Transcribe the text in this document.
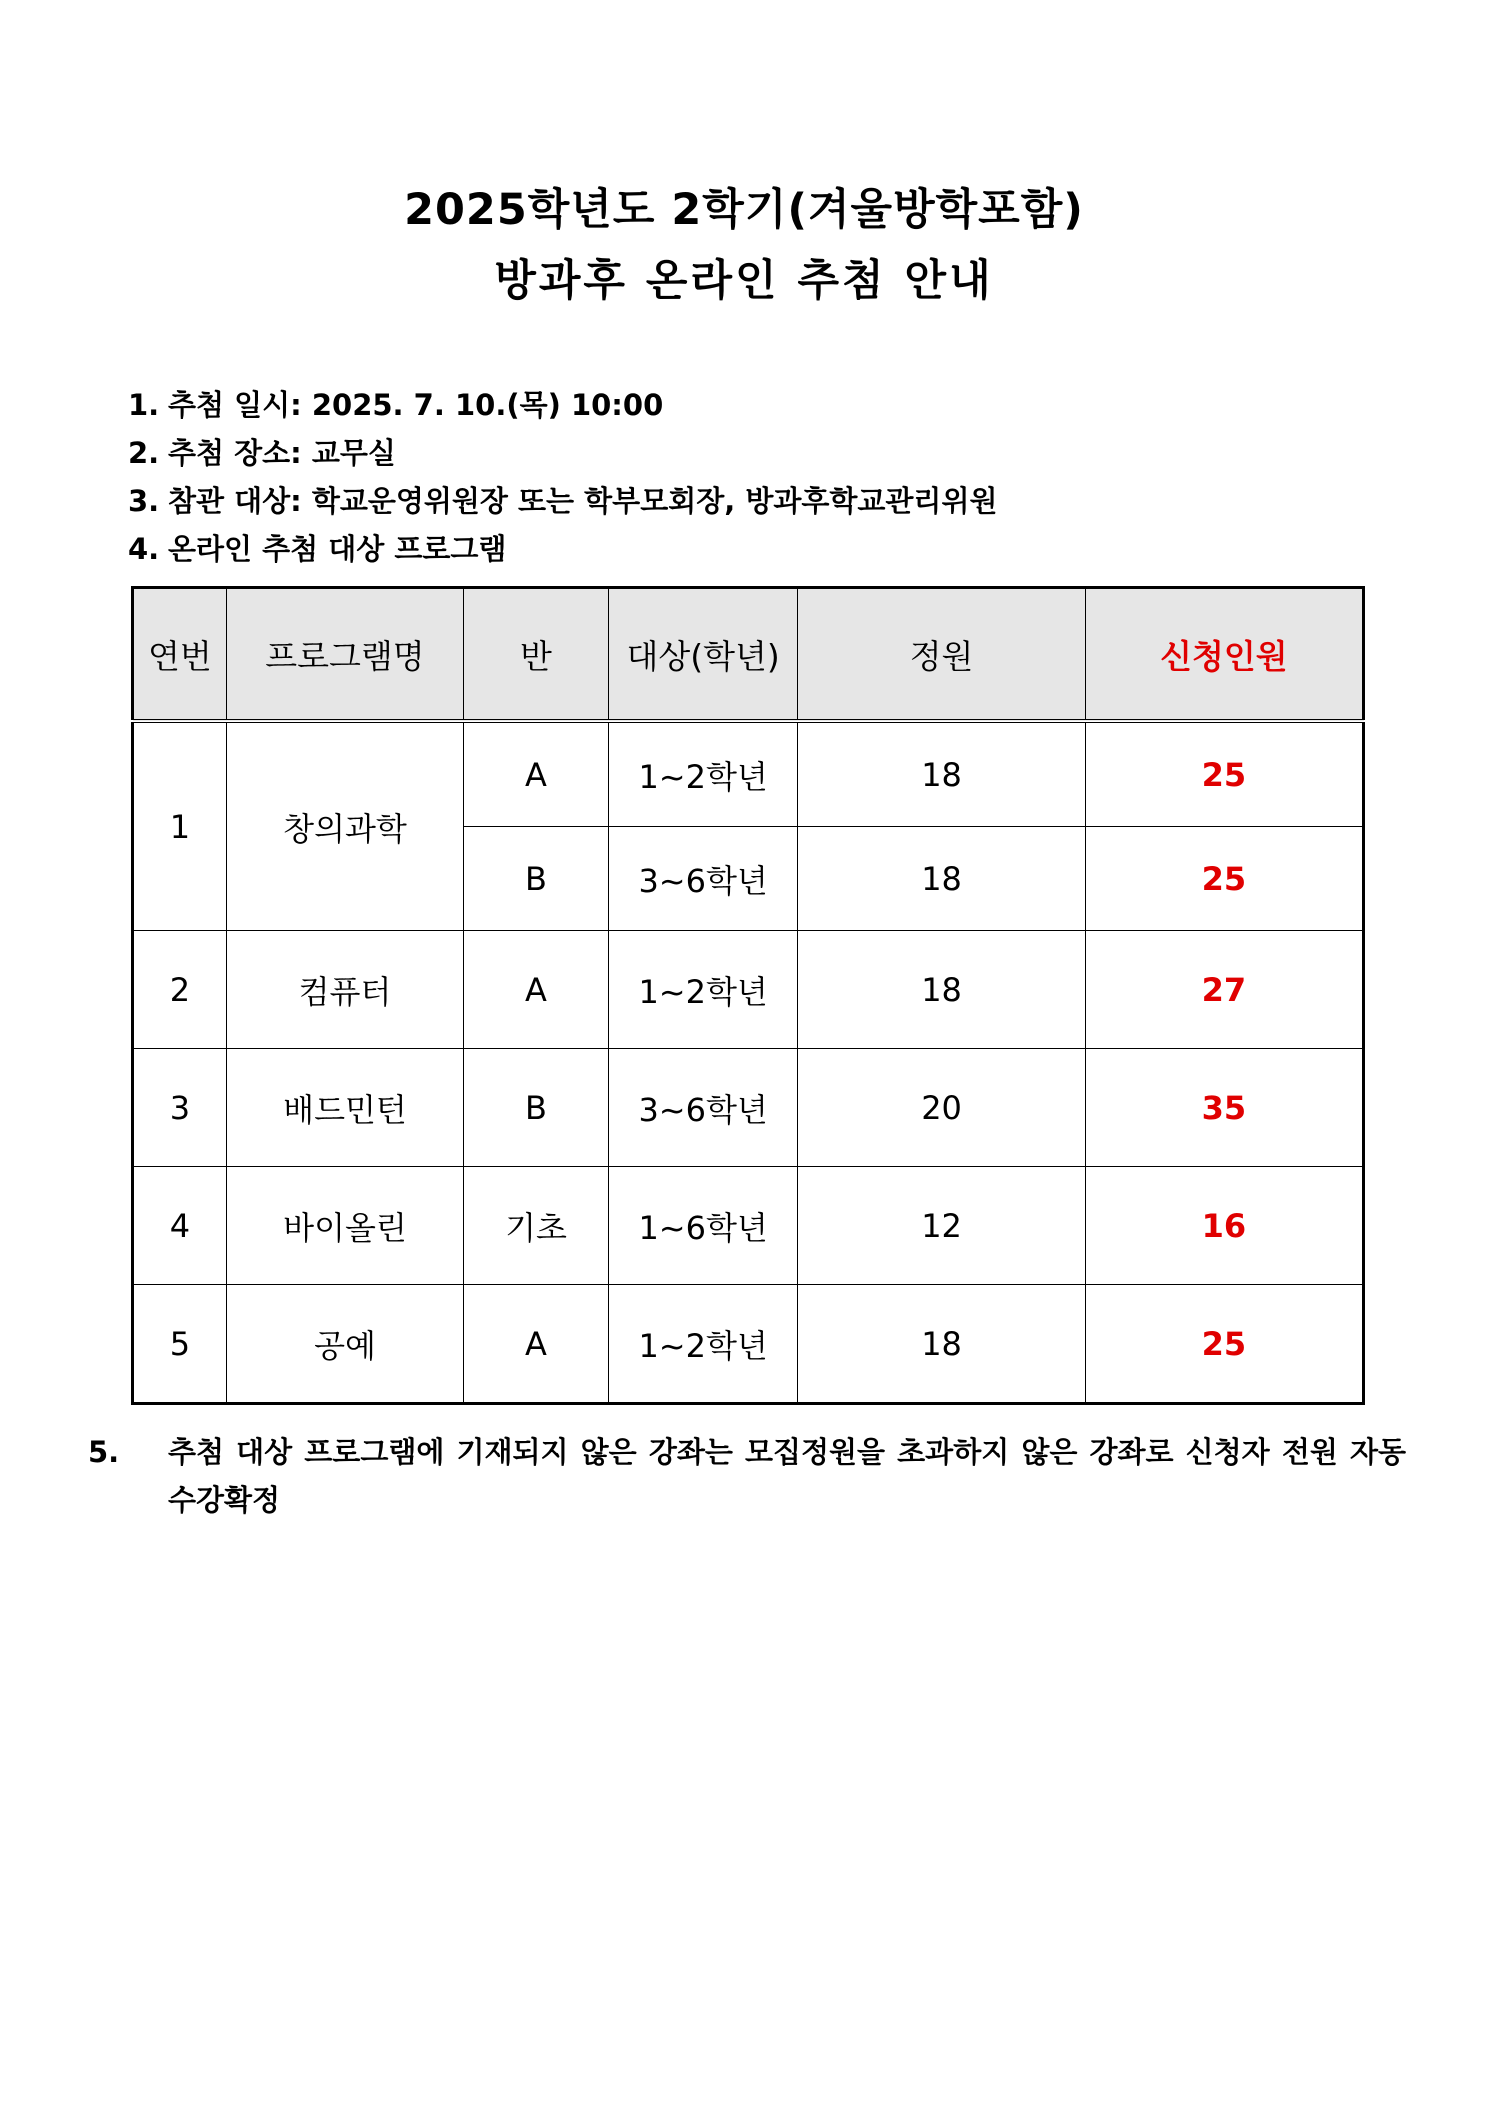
2025학년도 2학기(겨울방학포함)
방과후 온라인 추첨 안내
1. 추첨 일시: 2025. 7. 10.(목) 10:00
2. 추첨 장소: 교무실
3. 참관 대상: 학교운영위원장 또는 학부모회장, 방과후학교관리위원
4. 온라인 추첨 대상 프로그램
연번	프로그램명	반	대상(학년)	정원	신청인원
1	창의과학	A	1~2학년	18	25
		B	3~6학년	18	25
2	컴퓨터	A	1~2학년	18	27
3	배드민턴	B	3~6학년	20	35
4	바이올린	기초	1~6학년	12	16
5	공예	A	1~2학년	18	25
5. 추첨 대상 프로그램에 기재되지 않은 강좌는 모집정원을 초과하지 않은 강좌로 신청자 전원 자동 수강확정
